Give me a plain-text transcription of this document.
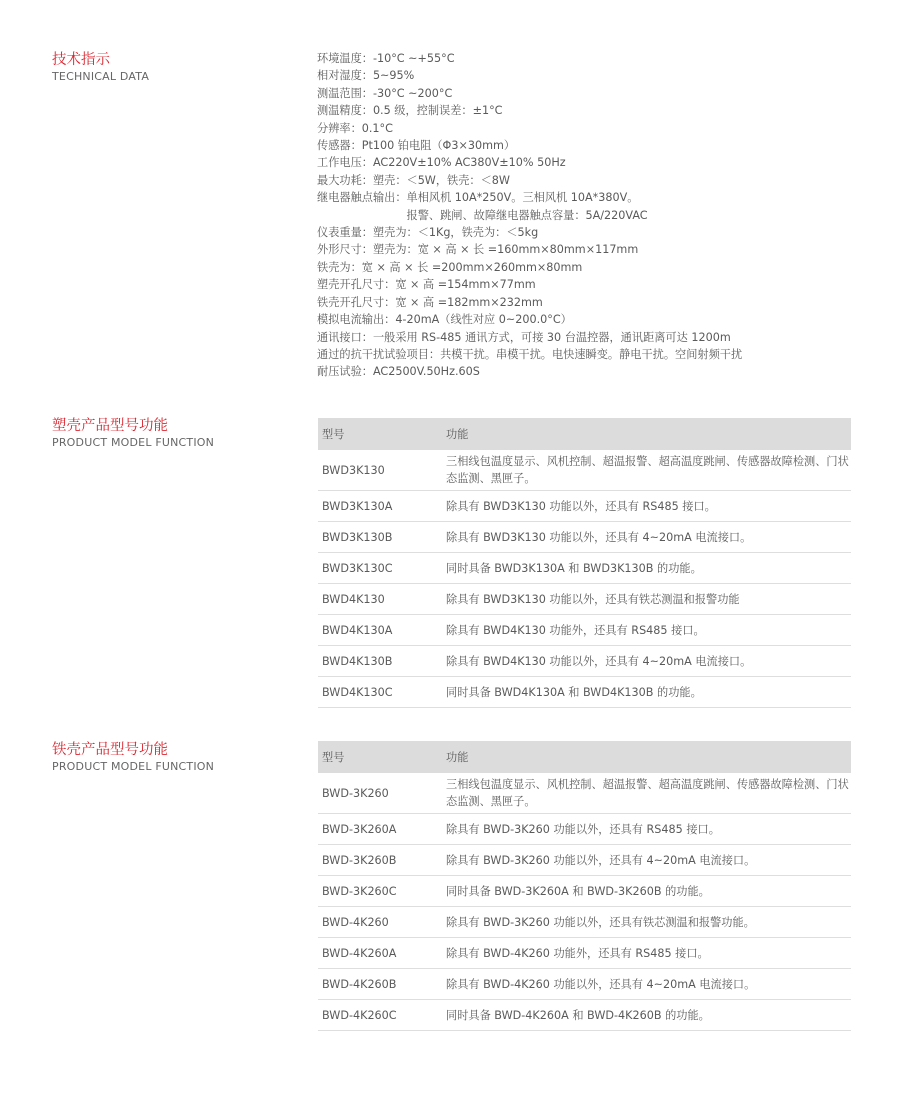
技术指示
TECHNICAL DATA
环境温度：-10°C ~+55°C
相对湿度：5~95%
测温范围：-30°C ~200°C
测温精度：0.5 级，控制误差：±1°C
分辨率：0.1°C
传感器：Pt100 铂电阻（Φ3×30mm）
工作电压：AC220V±10% AC380V±10% 50Hz
最大功耗：塑壳：＜5W，铁壳：＜8W
继电器触点输出：单相风机 10A*250V。三相风机 10A*380V。
　　　　　　　　报警、跳闸、故障继电器触点容量：5A/220VAC
仪表重量：塑壳为：＜1Kg，铁壳为：＜5kg
外形尺寸：塑壳为：宽 × 高 × 长 =160mm×80mm×117mm
铁壳为：宽 × 高 × 长 =200mm×260mm×80mm
塑壳开孔尺寸：宽 × 高 =154mm×77mm
铁壳开孔尺寸：宽 × 高 =182mm×232mm
模拟电流输出：4-20mA（线性对应 0~200.0°C）
通讯接口：一般采用 RS-485 通讯方式，可接 30 台温控器，通讯距离可达 1200m
通过的抗干扰试验项目：共模干扰。串模干扰。电快速瞬变。静电干扰。空间射频干扰
耐压试验：AC2500V.50Hz.60S
塑壳产品型号功能
PRODUCT MODEL FUNCTION
型号	功能
BWD3K130	三相线包温度显示、风机控制、超温报警、超高温度跳闸、传感器故障检测、门状态监测、黑匣子。
BWD3K130A	除具有 BWD3K130 功能以外，还具有 RS485 接口。
BWD3K130B	除具有 BWD3K130 功能以外，还具有 4~20mA 电流接口。
BWD3K130C	同时具备 BWD3K130A 和 BWD3K130B 的功能。
BWD4K130	除具有 BWD3K130 功能以外，还具有铁芯测温和报警功能
BWD4K130A	除具有 BWD4K130 功能外，还具有 RS485 接口。
BWD4K130B	除具有 BWD4K130 功能以外，还具有 4~20mA 电流接口。
BWD4K130C	同时具备 BWD4K130A 和 BWD4K130B 的功能。
铁壳产品型号功能
PRODUCT MODEL FUNCTION
型号	功能
BWD-3K260	三相线包温度显示、风机控制、超温报警、超高温度跳闸、传感器故障检测、门状态监测、黑匣子。
BWD-3K260A	除具有 BWD-3K260 功能以外，还具有 RS485 接口。
BWD-3K260B	除具有 BWD-3K260 功能以外，还具有 4~20mA 电流接口。
BWD-3K260C	同时具备 BWD-3K260A 和 BWD-3K260B 的功能。
BWD-4K260	除具有 BWD-3K260 功能以外，还具有铁芯测温和报警功能。
BWD-4K260A	除具有 BWD-4K260 功能外，还具有 RS485 接口。
BWD-4K260B	除具有 BWD-4K260 功能以外，还具有 4~20mA 电流接口。
BWD-4K260C	同时具备 BWD-4K260A 和 BWD-4K260B 的功能。
